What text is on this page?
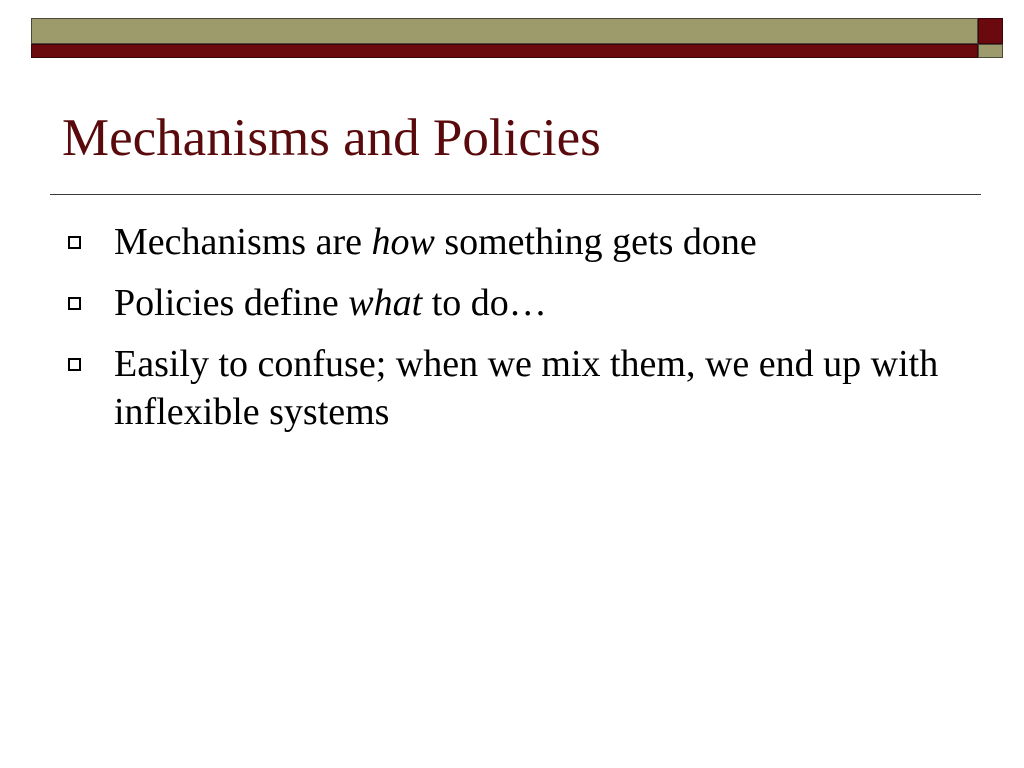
Mechanisms and Policies
Mechanisms are how something gets done
Policies define what to do…
Easily to confuse; when we mix them, we end up with inflexible systems
